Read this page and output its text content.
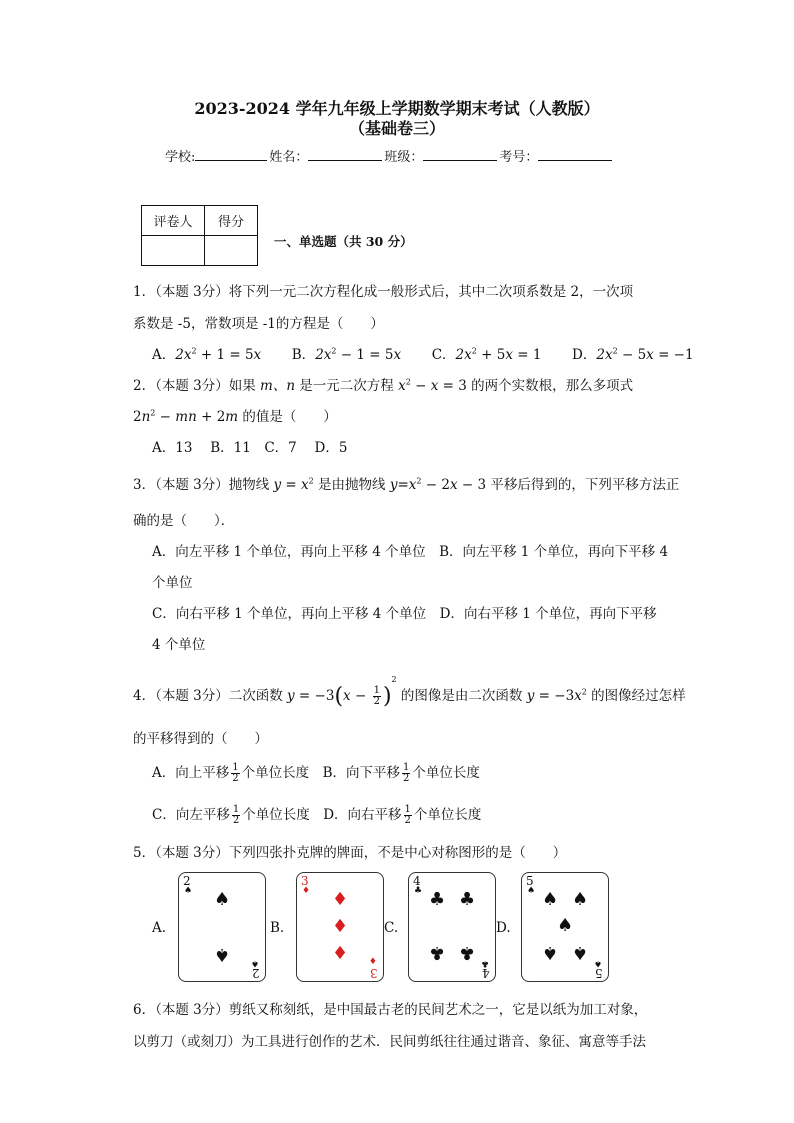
2023-2024 学年九年级上学期数学期末考试（人教版）
（基础卷三）
学校:	姓名：	班级：	考号：
评卷人	得分

一、单选题（共 30 分）
1．（本题 3分）将下列一元二次方程化成一般形式后，其中二次项系数是 2，一次项
系数是 -5，常数项是 -1的方程是（　　）
A．$2x^2 + 1 = 5x$ B．$2x^2 - 1 = 5x$ C．$2x^2 + 5x = 1$ D．$2x^2 - 5x = -1$
2．（本题 3分）如果 m、n 是一元二次方程 $x^2 - x = 3$ 的两个实数根，那么多项式
$2n^2$ − mn + 2m 的值是（　　）
A．13　 B．11　C．7　 D．5
3．（本题 3分）抛物线 $y = x^2$ 是由抛物线 $y=x^2 - 2x - 3$ 平移后得到的，下列平移方法正
确的是（　　）．
A．向左平移 1 个单位，再向上平移 4 个单位　B．向左平移 1 个单位，再向下平移 4
个单位
C．向右平移 1 个单位，再向上平移 4 个单位　D．向右平移 1 个单位，再向下平移
4 个单位
4．（本题 3分）二次函数 $y = -3(x - \frac{1}{2} )^2$ 的图像是由二次函数 $y = -3x^2$ 的图像经过怎样
的平移得到的（　　）
A．向上平移 $\frac{1}{2}$ 个单位长度　B．向下平移 $\frac{1}{2}$ 个单位长度
C．向左平移 $\frac{1}{2}$ 个单位长度　D．向右平移 $\frac{1}{2}$ 个单位长度
5．（本题 3分）下列四张扑克牌的牌面，不是中心对称图形的是（　　）
A.
2
♠ ♠
♠ ♠
2
B.
3
♦ ♦
♦
♦ ♦
3
C.
4
♣ ♣ ♣
♣ ♣ ♣
4
D.
5
♠ ♠ ♠
♠
♠ ♠ ♠
5
6．（本题 3分）剪纸又称刻纸，是中国最古老的民间艺术之一，它是以纸为加工对象，
以剪刀（或刻刀）为工具进行创作的艺术．民间剪纸往往通过谐音、象征、寓意等手法
